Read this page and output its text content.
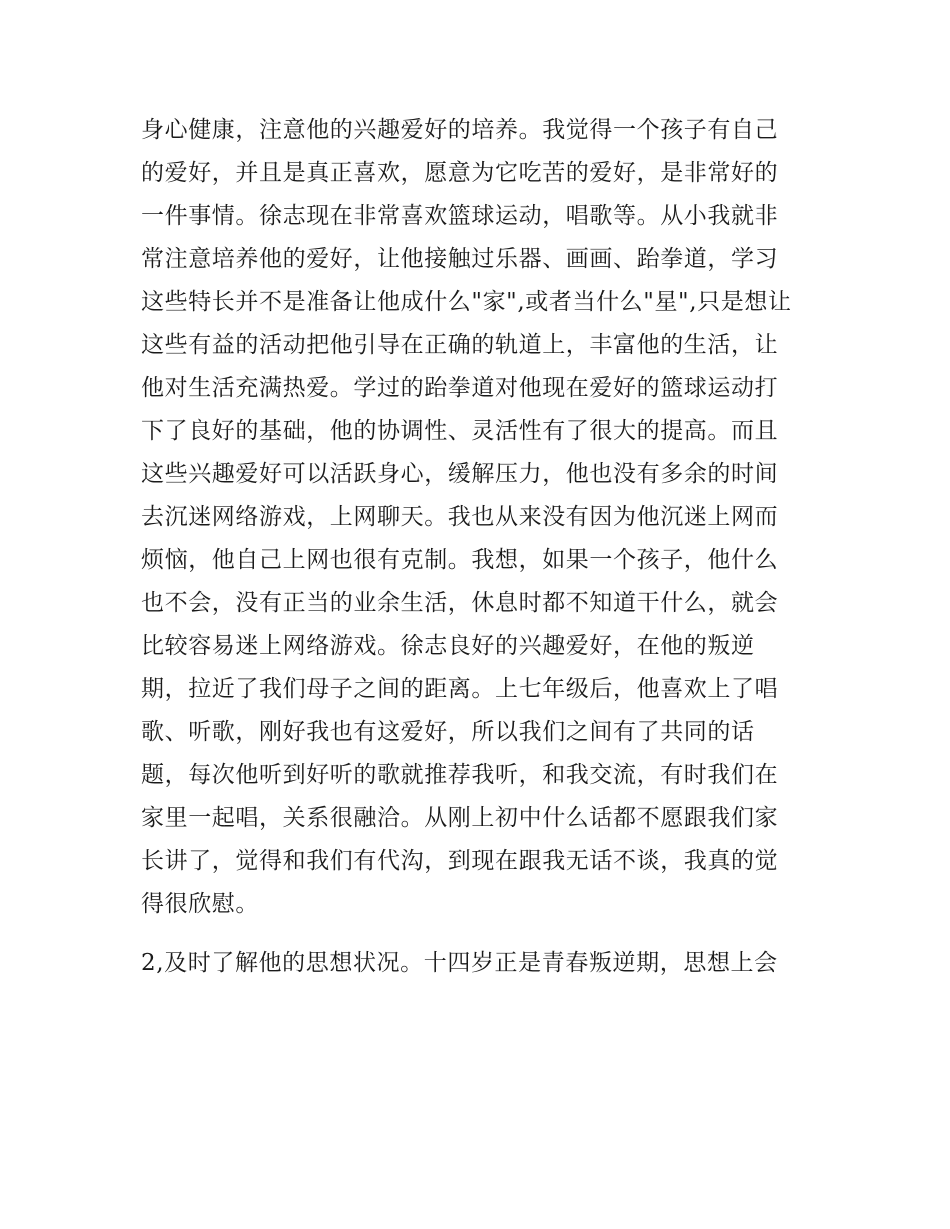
身心健康，注意他的兴趣爱好的培养。我觉得一个孩子有自己

的爱好，并且是真正喜欢，愿意为它吃苦的爱好，是非常好的

一件事情。徐志现在非常喜欢篮球运动，唱歌等。从小我就非

常注意培养他的爱好，让他接触过乐器、画画、跆拳道，学习

这些特长并不是准备让他成什么"家",或者当什么"星",只是想让

这些有益的活动把他引导在正确的轨道上，丰富他的生活，让

他对生活充满热爱。学过的跆拳道对他现在爱好的篮球运动打

下了良好的基础，他的协调性、灵活性有了很大的提高。而且

这些兴趣爱好可以活跃身心，缓解压力，他也没有多余的时间

去沉迷网络游戏，上网聊天。我也从来没有因为他沉迷上网而

烦恼，他自己上网也很有克制。我想，如果一个孩子，他什么

也不会，没有正当的业余生活，休息时都不知道干什么，就会

比较容易迷上网络游戏。徐志良好的兴趣爱好，在他的叛逆

期，拉近了我们母子之间的距离。上七年级后，他喜欢上了唱

歌、听歌，刚好我也有这爱好，所以我们之间有了共同的话

题，每次他听到好听的歌就推荐我听，和我交流，有时我们在

家里一起唱，关系很融洽。从刚上初中什么话都不愿跟我们家

长讲了，觉得和我们有代沟，到现在跟我无话不谈，我真的觉

得很欣慰。

2,及时了解他的思想状况。十四岁正是青春叛逆期，思想上会
